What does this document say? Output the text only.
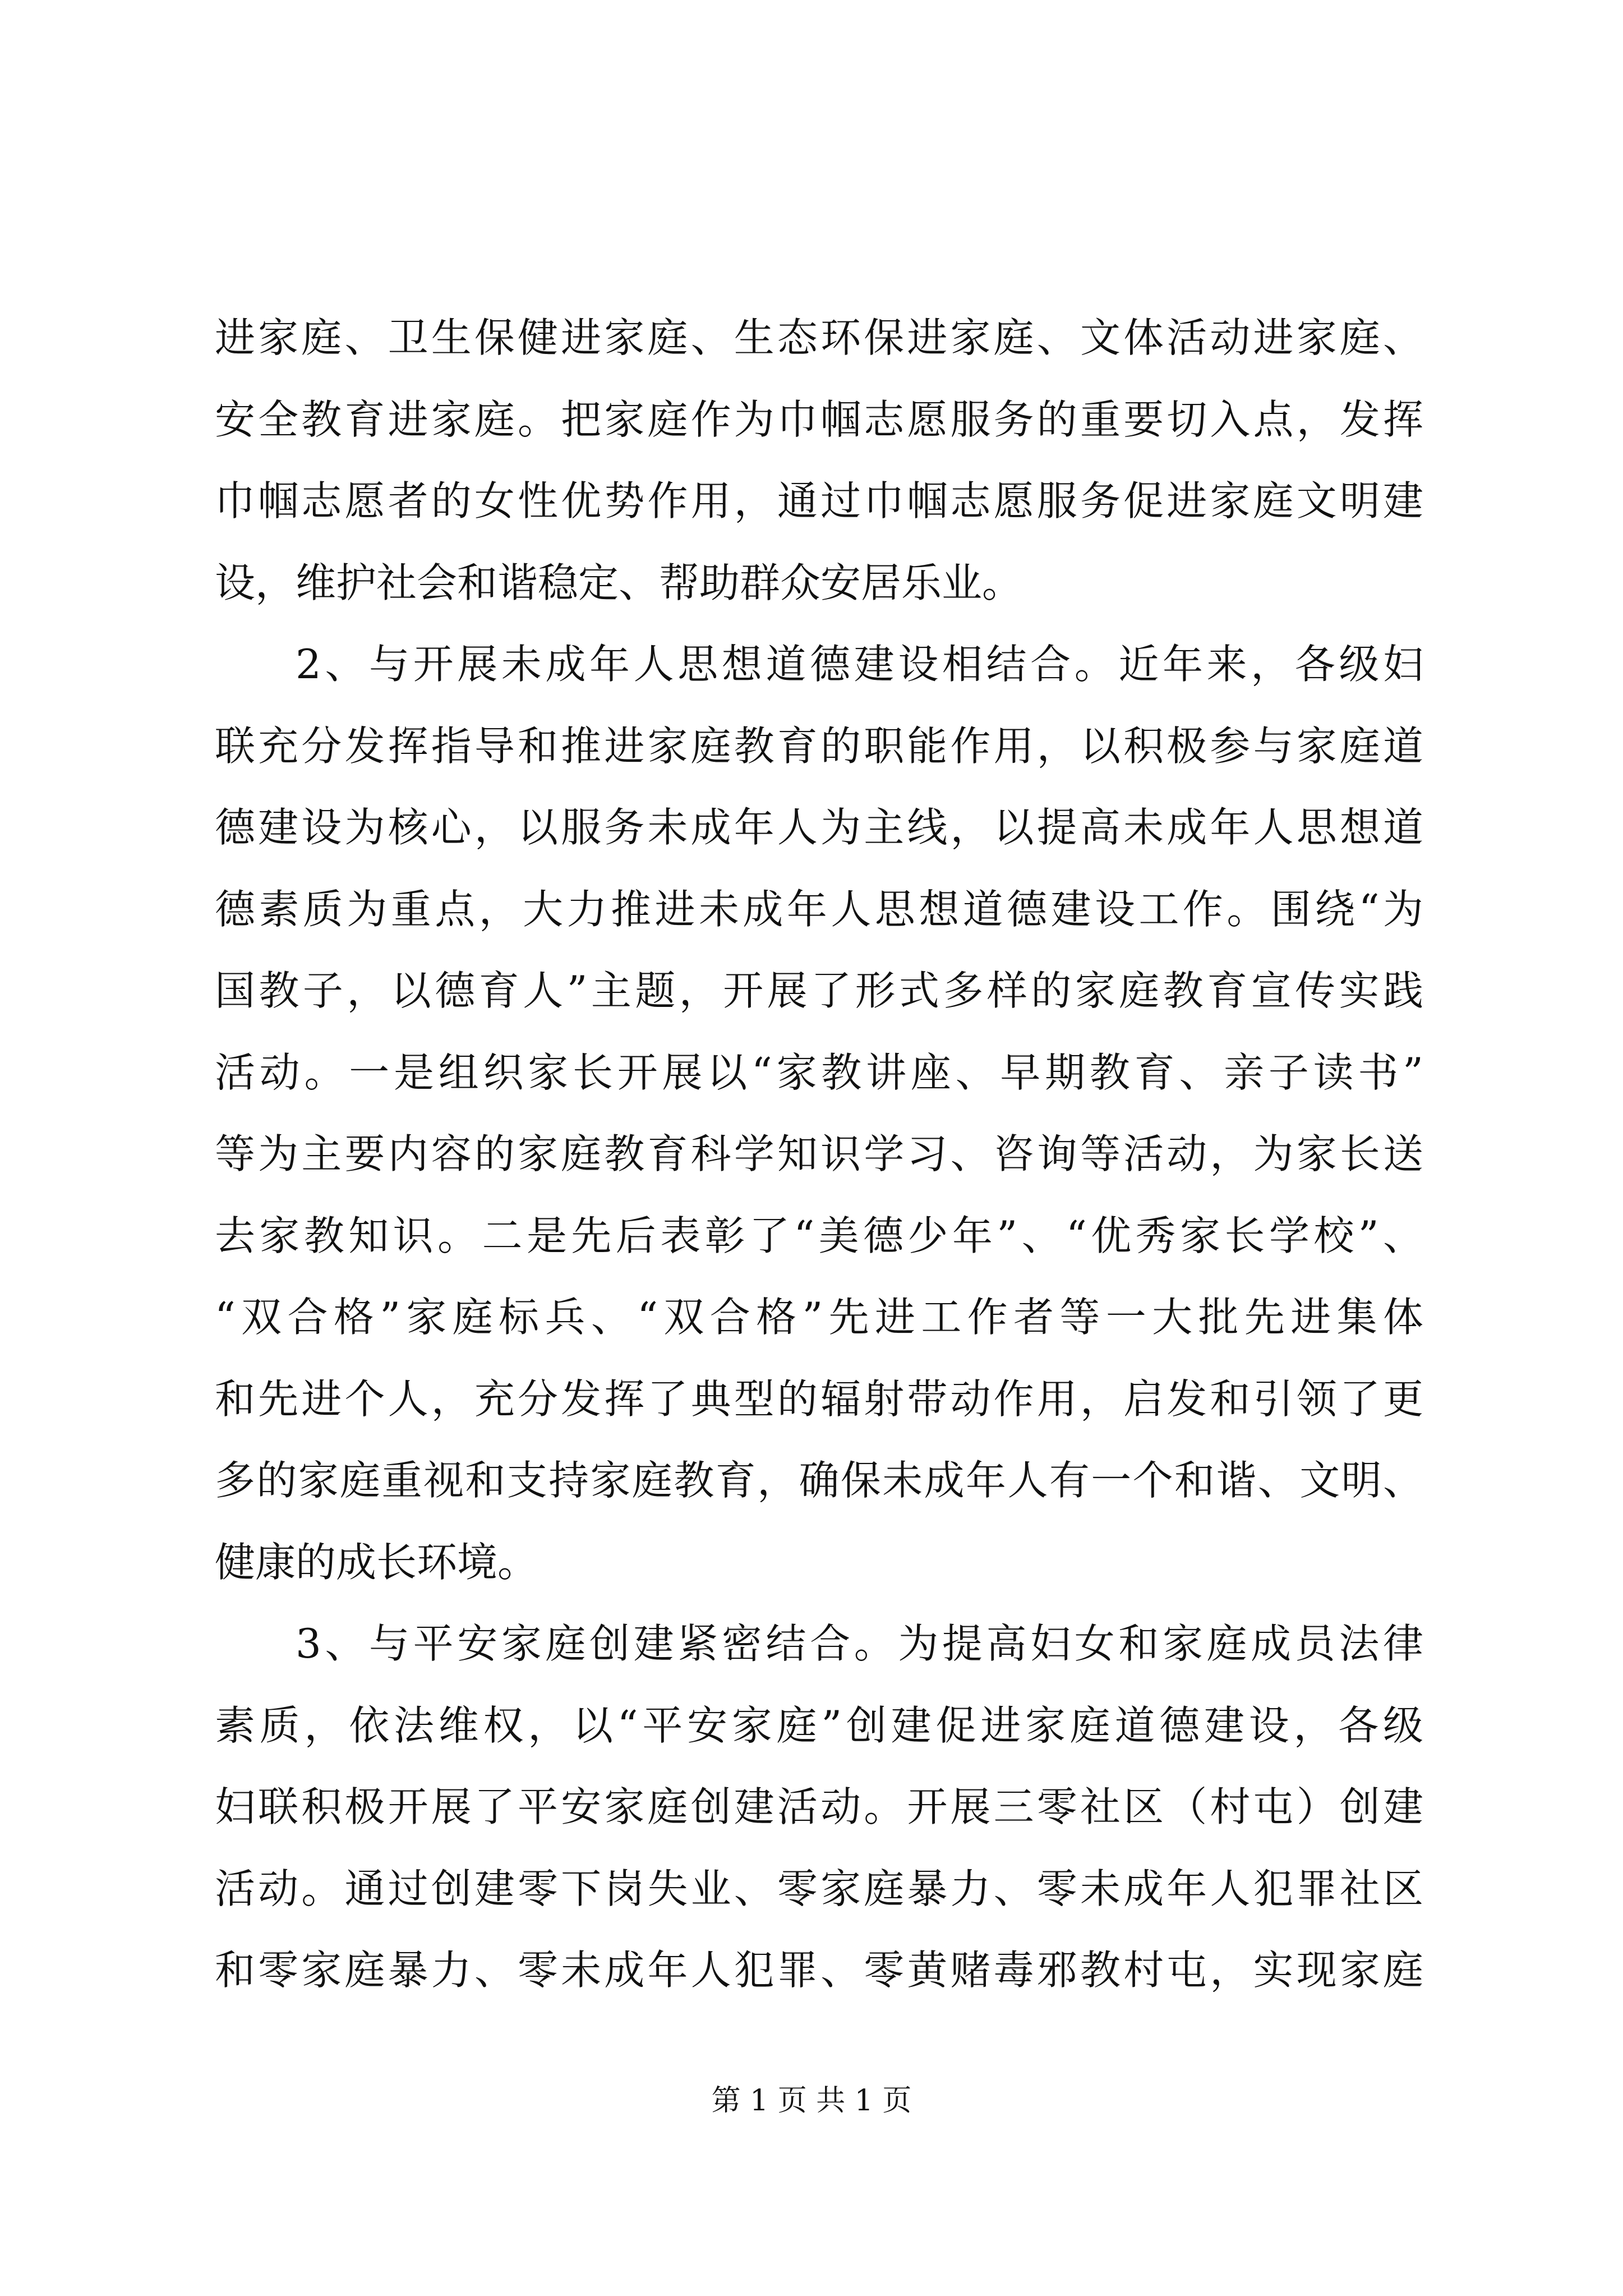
进家庭、卫生保健进家庭、生态环保进家庭、文体活动进家庭、
安全教育进家庭。把家庭作为巾帼志愿服务的重要切入点，发挥
巾帼志愿者的女性优势作用，通过巾帼志愿服务促进家庭文明建
设，维护社会和谐稳定、帮助群众安居乐业。
2、与开展未成年人思想道德建设相结合。近年来，各级妇
联充分发挥指导和推进家庭教育的职能作用，以积极参与家庭道
德建设为核心，以服务未成年人为主线，以提高未成年人思想道
德素质为重点，大力推进未成年人思想道德建设工作。围绕“为
国教子，以德育人”主题，开展了形式多样的家庭教育宣传实践
活动。一是组织家长开展以“家教讲座、早期教育、亲子读书”
等为主要内容的家庭教育科学知识学习、咨询等活动，为家长送
去家教知识。二是先后表彰了“美德少年”、“优秀家长学校”、
“双合格”家庭标兵、“双合格”先进工作者等一大批先进集体
和先进个人，充分发挥了典型的辐射带动作用，启发和引领了更
多的家庭重视和支持家庭教育，确保未成年人有一个和谐、文明、
健康的成长环境。
3、与平安家庭创建紧密结合。为提高妇女和家庭成员法律
素质，依法维权，以“平安家庭”创建促进家庭道德建设，各级
妇联积极开展了平安家庭创建活动。开展三零社区（村屯）创建
活动。通过创建零下岗失业、零家庭暴力、零未成年人犯罪社区
和零家庭暴力、零未成年人犯罪、零黄赌毒邪教村屯，实现家庭
第 1 页 共 1 页
